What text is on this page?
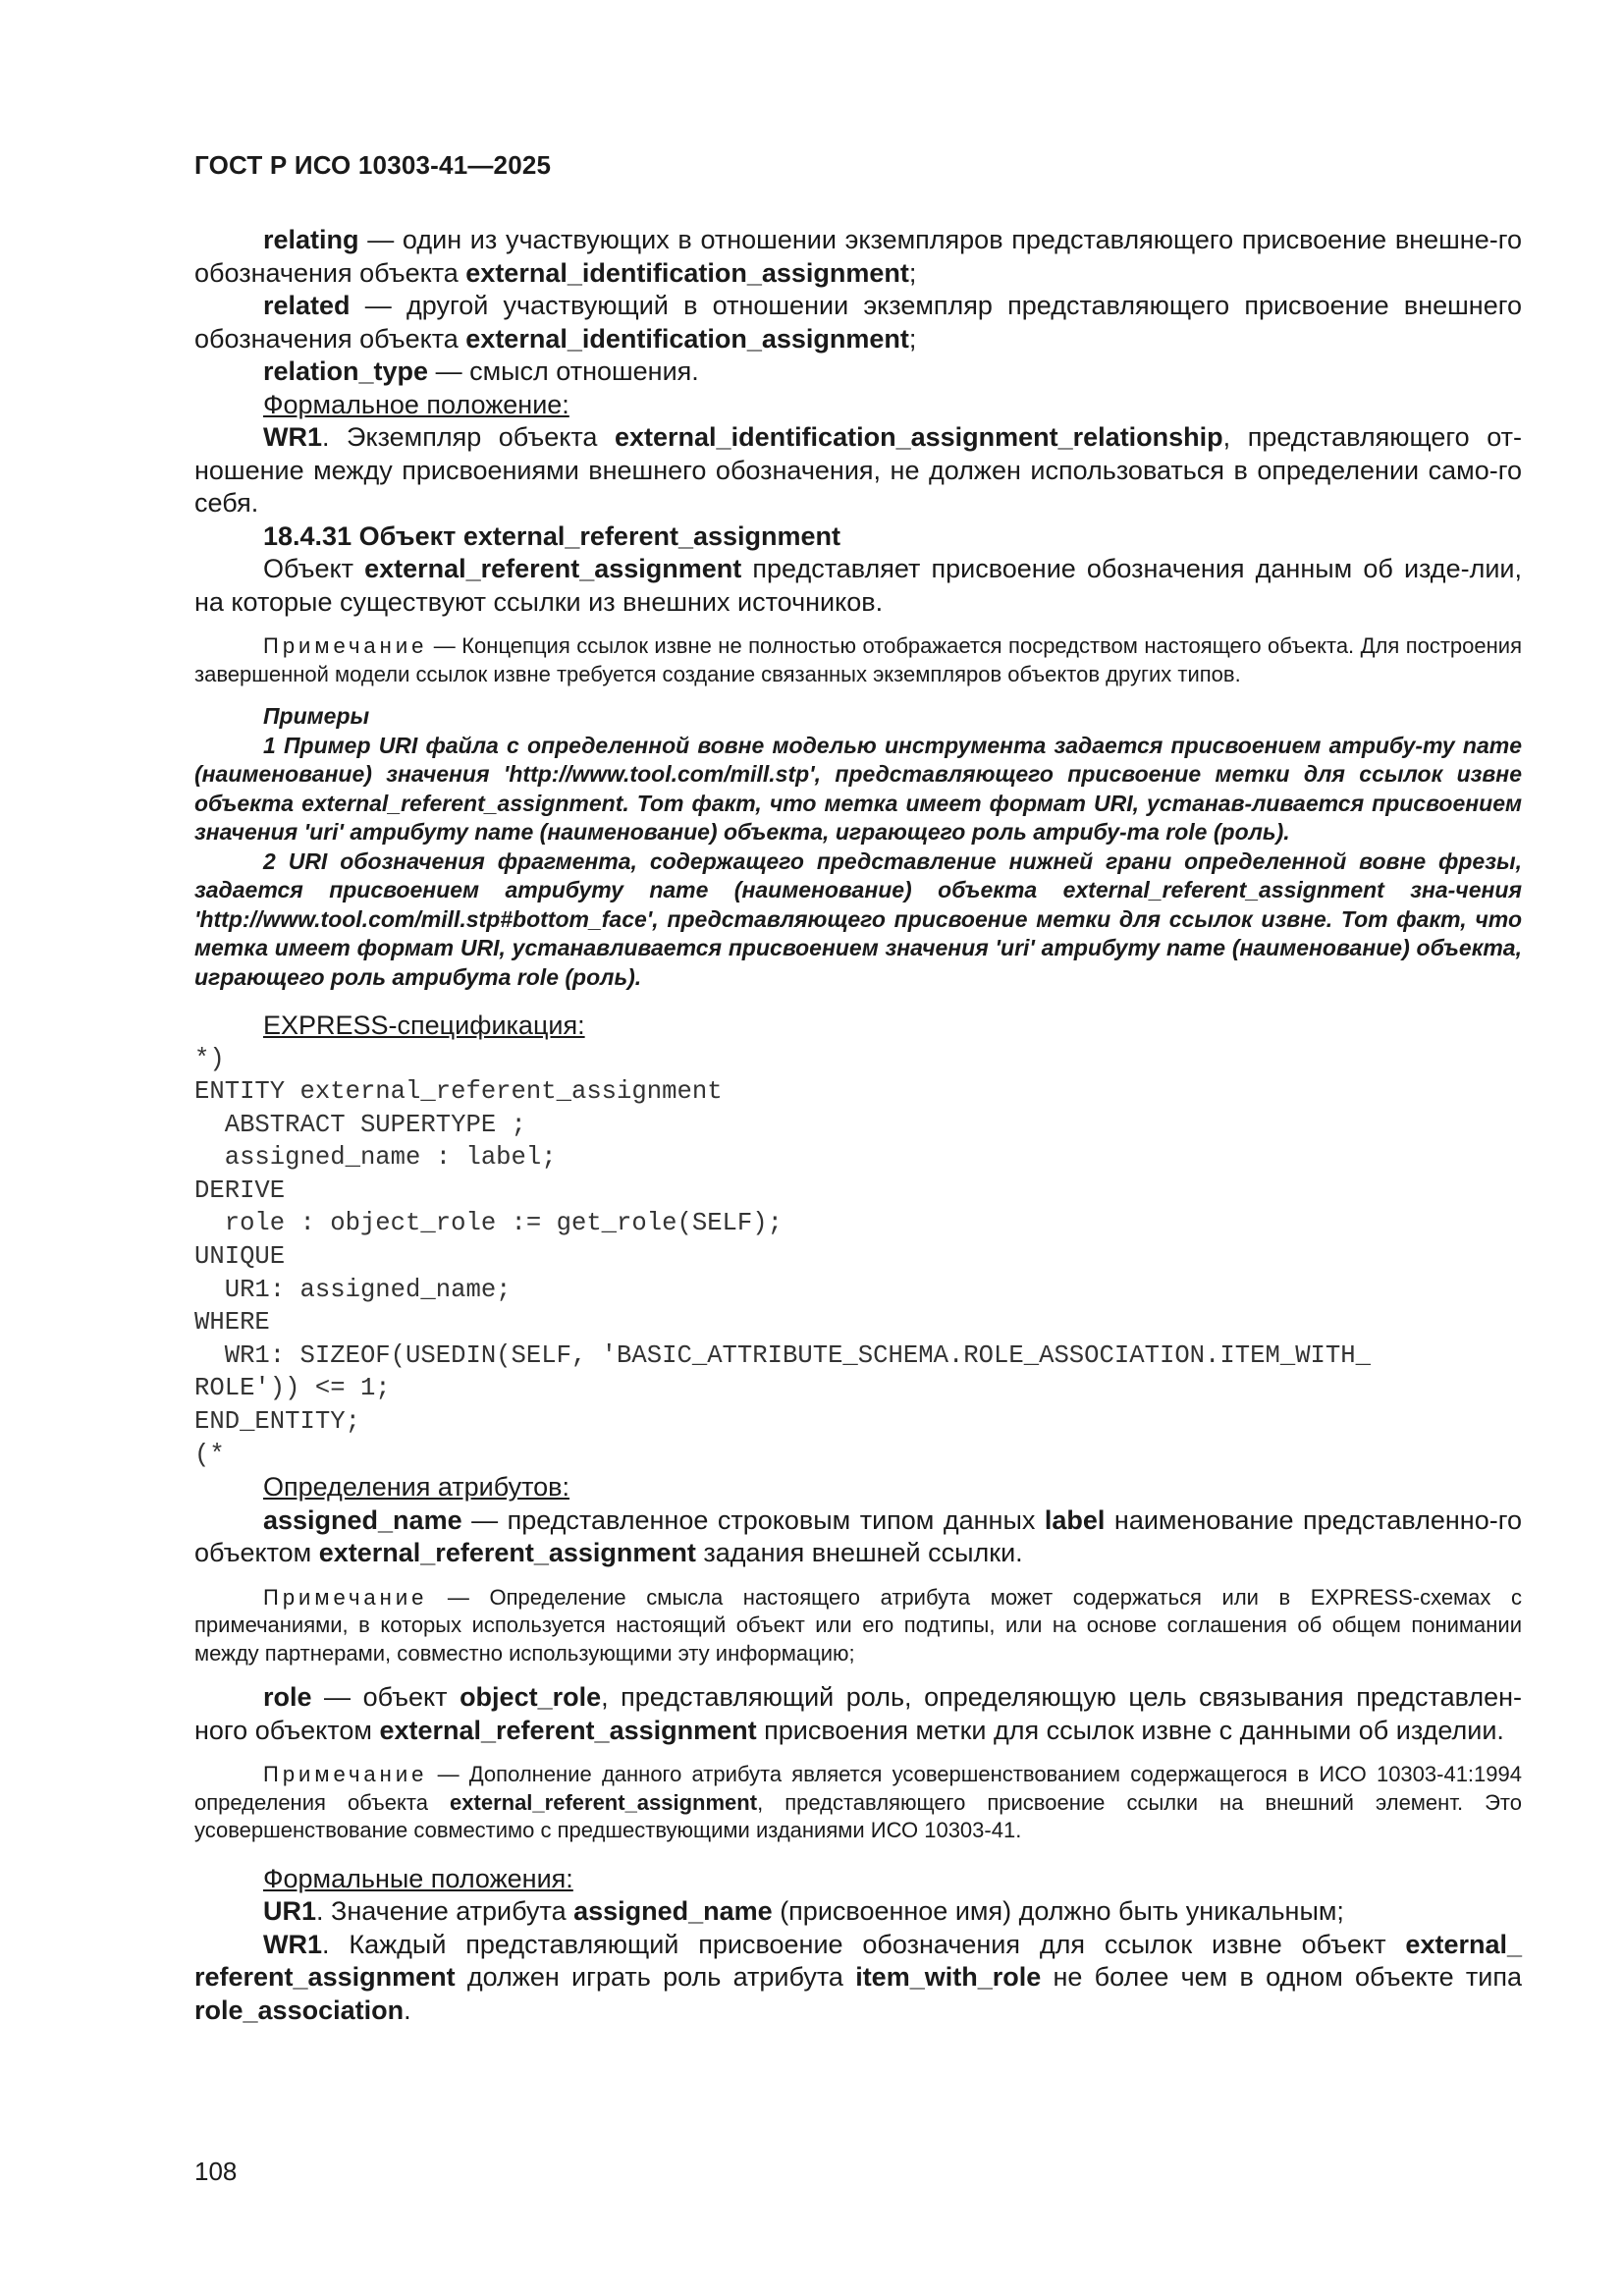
ГОСТ Р ИСО 10303-41—2025

relating — один из участвующих в отношении экземпляров представляющего присвоение внешне-го обозначения объекта external_identification_assignment;

related — другой участвующий в отношении экземпляр представляющего присвоение внешнего обозначения объекта external_identification_assignment;

relation_type — смысл отношения.

Формальное положение:

WR1. Экземпляр объекта external_identification_assignment_relationship, представляющего от-ношение между присвоениями внешнего обозначения, не должен использоваться в определении само-го себя.

18.4.31 Объект external_referent_assignment

Объект external_referent_assignment представляет присвоение обозначения данным об изде-лии, на которые существуют ссылки из внешних источников.

Примечание — Концепция ссылок извне не полностью отображается посредством настоящего объекта. Для построения завершенной модели ссылок извне требуется создание связанных экземпляров объектов других типов.

Примеры

1 Пример URI файла с определенной вовне моделью инструмента задается присвоением атрибу-ту name (наименование) значения 'http://www.tool.com/mill.stp', представляющего присвоение метки для ссылок извне объекта external_referent_assignment. Тот факт, что метка имеет формат URI, устанав-ливается присвоением значения 'uri' атрибуту name (наименование) объекта, играющего роль атрибу-та role (роль).

2 URI обозначения фрагмента, содержащего представление нижней грани определенной вовне фрезы, задается присвоением атрибуту name (наименование) объекта external_referent_assignment зна-чения 'http://www.tool.com/mill.stp#bottom_face', представляющего присвоение метки для ссылок извне. Тот факт, что метка имеет формат URI, устанавливается присвоением значения 'uri' атрибуту name (наименование) объекта, играющего роль атрибута role (роль).

EXPRESS-спецификация:

*)
ENTITY external_referent_assignment
ABSTRACT SUPERTYPE ;
assigned_name : label;
DERIVE
role : object_role := get_role(SELF);
UNIQUE
UR1: assigned_name;
WHERE
WR1: SIZEOF(USEDIN(SELF, 'BASIC_ATTRIBUTE_SCHEMA.ROLE_ASSOCIATION.ITEM_WITH_
ROLE')) <= 1;
END_ENTITY;
(*

Определения атрибутов:

assigned_name — представленное строковым типом данных label наименование представленно-го объектом external_referent_assignment задания внешней ссылки.

Примечание — Определение смысла настоящего атрибута может содержаться или в EXPRESS-схемах с примечаниями, в которых используется настоящий объект или его подтипы, или на основе соглашения об общем понимании между партнерами, совместно использующими эту информацию;

role — объект object_role, представляющий роль, определяющую цель связывания представлен-ного объектом external_referent_assignment присвоения метки для ссылок извне с данными об изделии.

Примечание — Дополнение данного атрибута является усовершенствованием содержащегося в ИСО 10303-41:1994 определения объекта external_referent_assignment, представляющего присвоение ссылки на внешний элемент. Это усовершенствование совместимо с предшествующими изданиями ИСО 10303-41.

Формальные положения:

UR1. Значение атрибута assigned_name (присвоенное имя) должно быть уникальным;

WR1. Каждый представляющий присвоение обозначения для ссылок извне объект external_ referent_assignment должен играть роль атрибута item_with_role не более чем в одном объекте типа role_association.

108
